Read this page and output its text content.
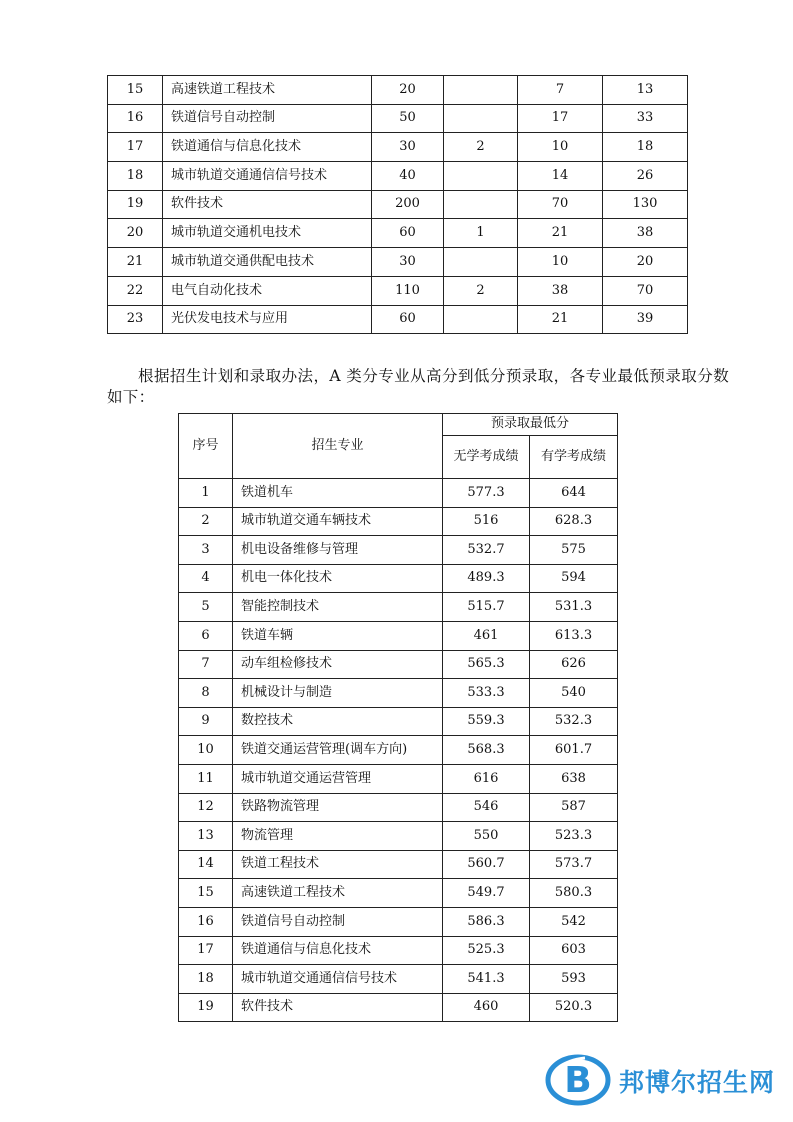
15	高速铁道工程技术	20		7	13
16	铁道信号自动控制	50		17	33
17	铁道通信与信息化技术	30	2	10	18
18	城市轨道交通通信信号技术	40		14	26
19	软件技术	200		70	130
20	城市轨道交通机电技术	60	1	21	38
21	城市轨道交通供配电技术	30		10	20
22	电气自动化技术	110	2	38	70
23	光伏发电技术与应用	60		21	39
根据招生计划和录取办法，A 类分专业从高分到低分预录取，各专业最低预录取分数如下：
序号	招生专业	预录取最低分	
		无学考成绩	有学考成绩
1	铁道机车	577.3	644
2	城市轨道交通车辆技术	516	628.3
3	机电设备维修与管理	532.7	575
4	机电一体化技术	489.3	594
5	智能控制技术	515.7	531.3
6	铁道车辆	461	613.3
7	动车组检修技术	565.3	626
8	机械设计与制造	533.3	540
9	数控技术	559.3	532.3
10	铁道交通运营管理(调车方向)	568.3	601.7
11	城市轨道交通运营管理	616	638
12	铁路物流管理	546	587
13	物流管理	550	523.3
14	铁道工程技术	560.7	573.7
15	高速铁道工程技术	549.7	580.3
16	铁道信号自动控制	586.3	542
17	铁道通信与信息化技术	525.3	603
18	城市轨道交通通信信号技术	541.3	593
19	软件技术	460	520.3
B 邦博尔招生网
